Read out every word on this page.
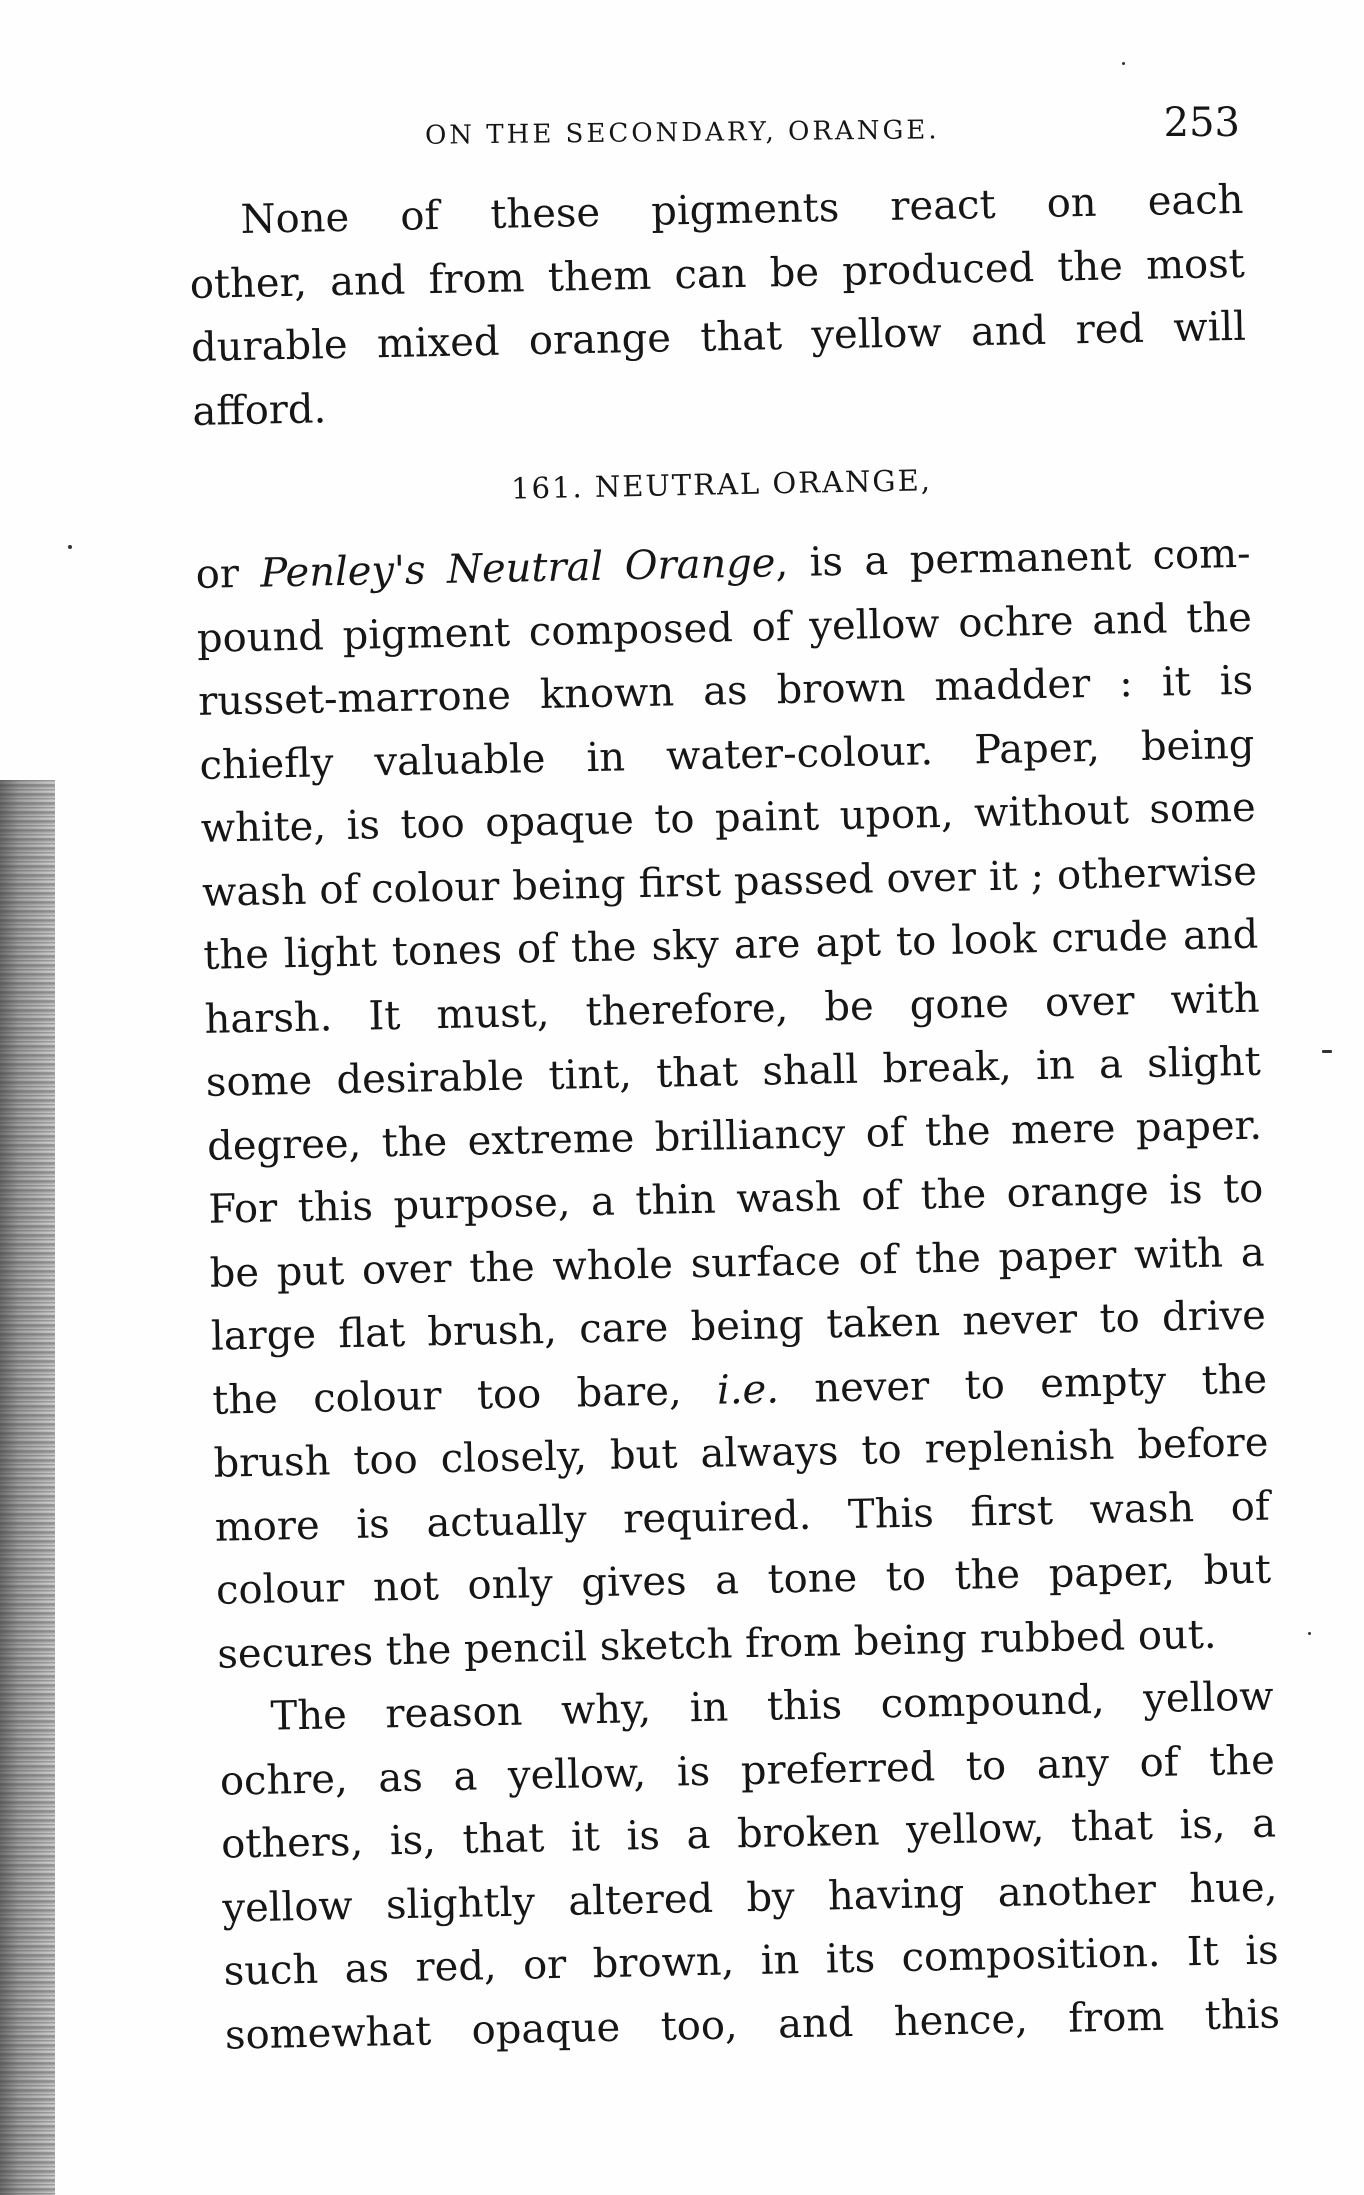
ON THE SECONDARY, ORANGE.	253

None of these pigments react on each
other, and from them can be produced the most
durable mixed orange that yellow and red will
afford.

161. NEUTRAL ORANGE,

or Penley's Neutral Orange, is a permanent com-
pound pigment composed of yellow ochre and the
russet-marrone known as brown madder : it is
chiefly valuable in water-colour. Paper, being
white, is too opaque to paint upon, without some
wash of colour being first passed over it ; otherwise
the light tones of the sky are apt to look crude and
harsh. It must, therefore, be gone over with
some desirable tint, that shall break, in a slight
degree, the extreme brilliancy of the mere paper.
For this purpose, a thin wash of the orange is to
be put over the whole surface of the paper with a
large flat brush, care being taken never to drive
the colour too bare, i.e. never to empty the
brush too closely, but always to replenish before
more is actually required. This first wash of
colour not only gives a tone to the paper, but
secures the pencil sketch from being rubbed out.

The reason why, in this compound, yellow
ochre, as a yellow, is preferred to any of the
others, is, that it is a broken yellow, that is, a
yellow slightly altered by having another hue,
such as red, or brown, in its composition. It is
somewhat opaque too, and hence, from this
